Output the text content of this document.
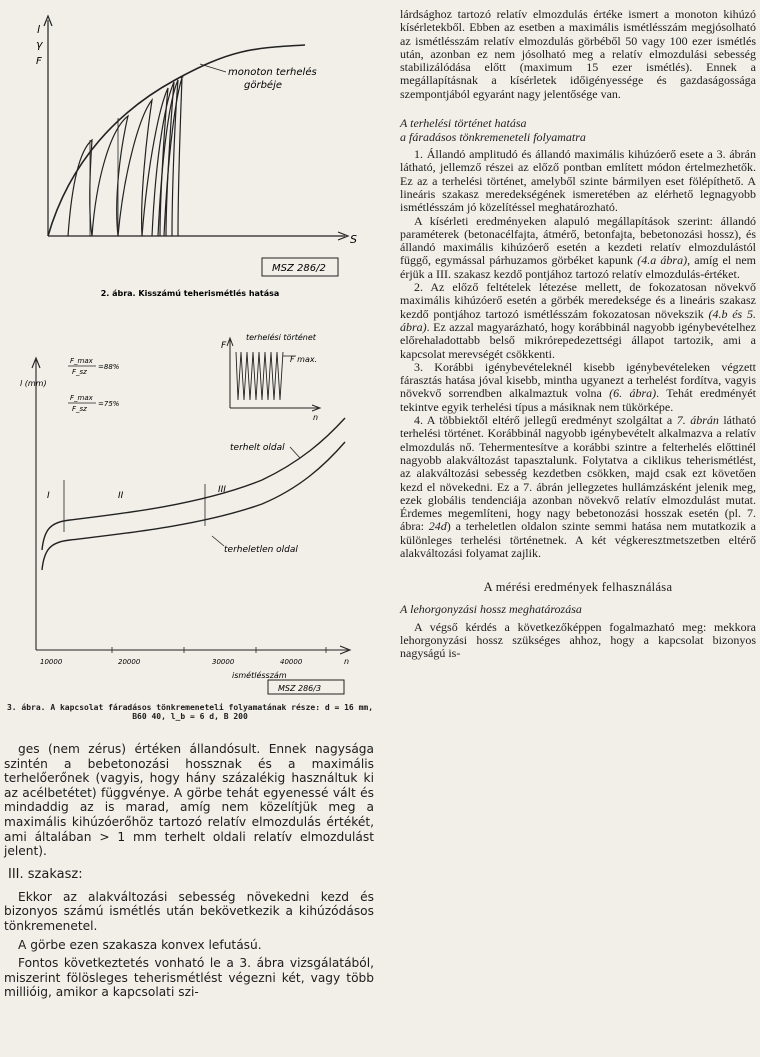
l
γ
F
S
monoton terhelés
görbéje
MSZ 286/2
2. ábra. Kisszámú teherismétlés hatása
F
terhelési történet
F max.
n
l (mm)
F_max
F_sz
=88%
F_max
F_sz
=75%
terhelt oldal
terheletlen oldal
I	II
III
10000	20000	30000	40000
ismétlésszám
n
MSZ 286/3
3. ábra. A kapcsolat fáradásos tönkremeneteli folyamatának része: d = 16 mm, B60 40, l_b = 6 d, B 200

ges (nem zérus) értéken állandósult. Ennek nagysága szintén a bebetonozási hossznak és a maximális terhelőerőnek (vagyis, hogy hány százalékig használtuk ki az acélbetétet) függvénye. A görbe tehát egyenessé vált és mindaddig az is marad, amíg nem közelítjük meg a maximális kihúzóerőhöz tartozó relatív elmozdulás értékét, ami általában > 1 mm terhelt oldali relatív elmozdulást jelent).

III. szakasz:

Ekkor az alakváltozási sebesség növekedni kezd és bizonyos számú ismétlés után bekövetkezik a kihúzódásos tönkremenetel.

A görbe ezen szakasza konvex lefutású.

Fontos következtetés vonható le a 3. ábra vizsgálatából, miszerint fölösleges teherismétlést végezni két, vagy több millióig, amikor a kapcsolati szi-

lárdsághoz tartozó relatív elmozdulás értéke ismert a monoton kihúzó kísérletekből. Ebben az esetben a maximális ismétlésszám megjósolható az ismétlésszám relatív elmozdulás görbéből 50 vagy 100 ezer ismétlés után, azonban ez nem jósolható meg a relatív elmozdulási sebesség stabilizálódása előtt (maximum 15 ezer ismétlés). Ennek a megállapításnak a kísérletek időigényessége és gazdaságossága szempontjából egyaránt nagy jelentősége van.

A terhelési történet hatása
a fáradásos tönkremeneteli folyamatra

1. Állandó amplitudó és állandó maximális kihúzóerő esete a 3. ábrán látható, jellemző részei az előző pontban említett módon értelmezhetők. Ez az a terhelési történet, amelyből szinte bármilyen eset fölépíthető. A lineáris szakasz meredekségének ismeretében az elérhető legnagyobb ismétlésszám jó közelítéssel meghatározható.

A kísérleti eredményeken alapuló megállapítások szerint: állandó paraméterek (betonacélfajta, átmérő, betonfajta, bebetonozási hossz), és állandó maximális kihúzóerő esetén a kezdeti relatív elmozdulástól függő, egymással párhuzamos görbéket kapunk (4.a ábra), amíg el nem érjük a III. szakasz kezdő pontjához tartozó relatív elmozdulás-értéket.

2. Az előző feltételek létezése mellett, de fokozatosan növekvő maximális kihúzóerő esetén a görbék meredeksége és a lineáris szakasz kezdő pontjához tartozó ismétlésszám fokozatosan növekszik (4.b és 5. ábra). Ez azzal magyarázható, hogy korábbinál nagyobb igénybevételhez előrehaladottabb belső mikrórepedezettségi állapot tartozik, ami a kapcsolat merevségét csökkenti.

3. Korábbi igénybevételeknél kisebb igénybevételeken végzett fárasztás hatása jóval kisebb, mintha ugyanezt a terhelést fordítva, vagyis növekvő sorrendben alkalmaztuk volna (6. ábra). Tehát eredményét tekintve egyik terhelési típus a másiknak nem tükörképe.

4. A többiektől eltérő jellegű eredményt szolgáltat a 7. ábrán látható terhelési történet. Korábbinál nagyobb igénybevételt alkalmazva a relatív elmozdulás nő. Tehermentesítve a korábbi szintre a felterhelés előttinél nagyobb alakváltozást tapasztalunk. Folytatva a ciklikus teherismétlést, az alakváltozási sebesség kezdetben csökken, majd csak ezt követően kezd el növekedni. Ez a 7. ábrán jellegzetes hullámzásként jelenik meg, ezek globális tendenciája azonban növekvő relatív elmozdulást mutat. Érdemes megemlíteni, hogy nagy bebetonozási hosszak esetén (pl. 7. ábra: 24d) a terheletlen oldalon szinte semmi hatása nem mutatkozik a különleges terhelési történetnek. A két végkeresztmetszetben eltérő alakváltozási folyamat zajlik.

A mérési eredmények felhasználása
A lehorgonyzási hossz meghatározása

A végső kérdés a következőképpen fogalmazható meg: mekkora lehorgonyzási hossz szükséges ahhoz, hogy a kapcsolat bizonyos nagyságú is-
